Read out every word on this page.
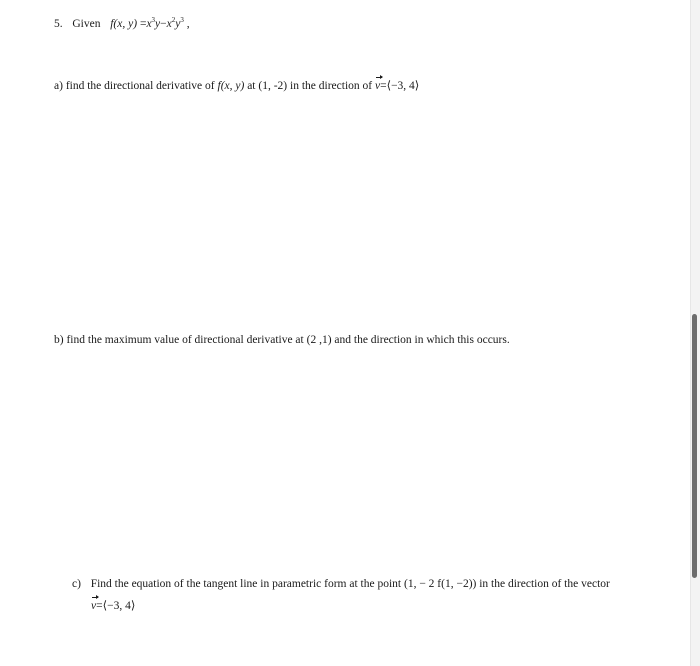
5. Given f(x, $y) =x^3y-x^2y^3$ ,
a) find the directional derivative of f(x, y) at (1, -2) in the direction of v=⟨−3, 4⟩
b) find the maximum value of directional derivative at (2 ,1) and the direction in which this occurs.
c) Find the equation of the tangent line in parametric form at the point (1, − 2 f(1, −2)) in the direction of the vector
v=⟨−3, 4⟩
